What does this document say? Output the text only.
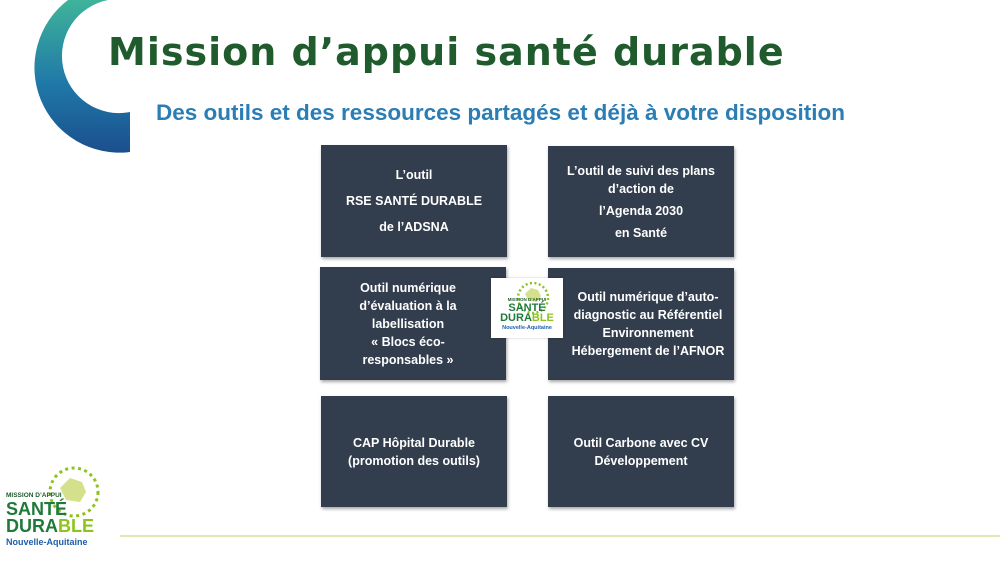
Mission d’appui santé durable
Des outils et des ressources partagés et déjà à votre disposition
L’outil
RSE SANTÉ DURABLE
de l’ADSNA
L’outil de suivi des plans
d’action de
l’Agenda 2030
en Santé
Outil numérique
d’évaluation à la
labellisation
« Blocs éco-
responsables »
Outil numérique d’auto-
diagnostic au Référentiel
Environnement
Hébergement de l’AFNOR
CAP Hôpital Durable
(promotion des outils)
Outil Carbone avec CV
Développement
MISSION D’APPUI
SANTÉ
DURABLE
Nouvelle-Aquitaine
MISSION D’APPUI
SANTÉ
DURABLE
Nouvelle-Aquitaine
